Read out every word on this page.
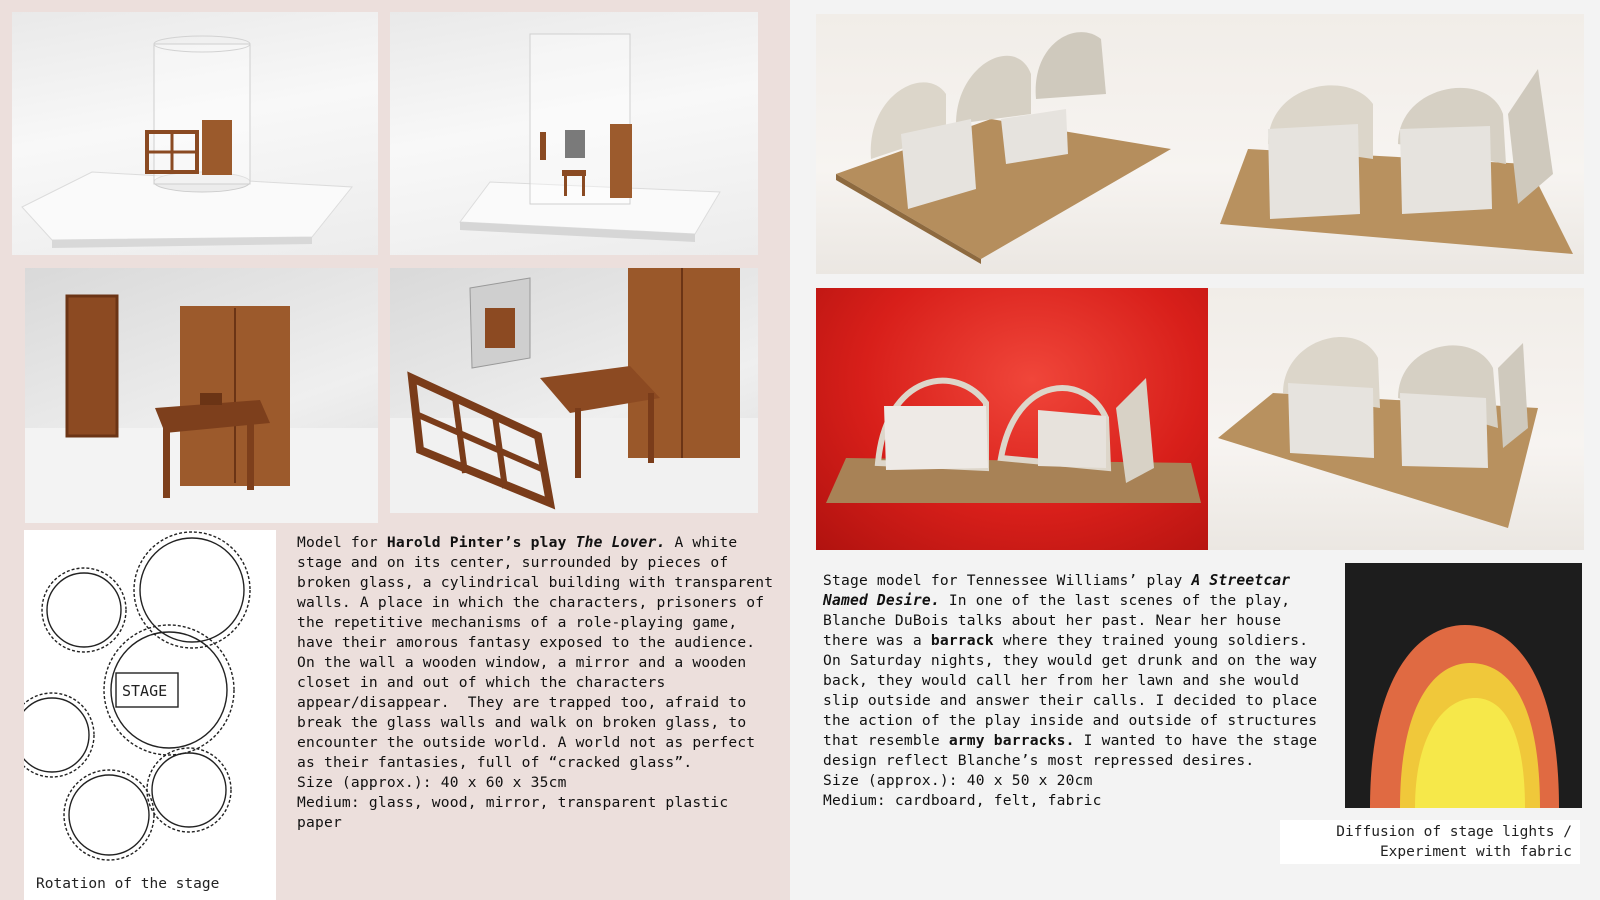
STAGE
Rotation of the stage
Model for Harold Pinter’s play The Lover. A white stage and on its center, surrounded by pieces of broken glass, a cylindrical building with transparent walls. A place in which the characters, prisoners of the repetitive mechanisms of a role-playing game, have their amorous fantasy exposed to the audience. On the wall a wooden window, a mirror and a wooden closet in and out of which the characters appear/disappear.  They are trapped too, afraid to break the glass walls and walk on broken glass, to encounter the outside world. A world not as perfect as their fantasies, full of “cracked glass”.
Size (approx.): 40 x 60 x 35cm
Medium: glass, wood, mirror, transparent plastic paper
Stage model for Tennessee Williams’ play A Streetcar Named Desire. In one of the last scenes of the play, Blanche DuBois talks about her past. Near her house there was a barrack where they trained young soldiers. On Saturday nights, they would get drunk and on the way back, they would call her from her lawn and she would slip outside and answer their calls. I decided to place the action of the play inside and outside of structures that resemble army barracks. I wanted to have the stage design reflect Blanche’s most repressed desires.
Size (approx.): 40 x 50 x 20cm
Medium: cardboard, felt, fabric
Diffusion of stage lights /
Experiment with fabric
